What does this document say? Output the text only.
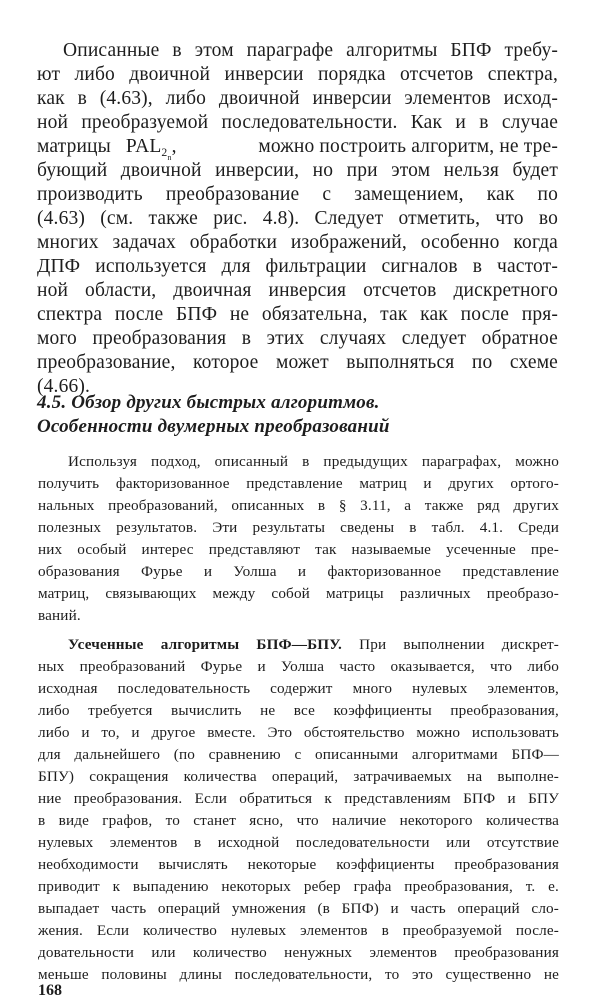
Описанные в этом параграфе алгоритмы БПФ требу-
ют либо двоичной инверсии порядка отсчетов спектра,
как в (4.63), либо двоичной инверсии элементов исход-
ной преобразуемой последовательности. Как и в случае
матрицы $PAL_{2_n}$,	можно построить алгоритм, не тре-
бующий двоичной инверсии, но при этом нельзя будет
производить преобразование с замещением, как по
(4.63) (см. также рис. 4.8). Следует отметить, что во
многих задачах обработки изображений, особенно когда
ДПФ используется для фильтрации сигналов в частот-
ной области, двоичная инверсия отсчетов дискретного
спектра после БПФ не обязательна, так как после пря-
мого преобразования в этих случаях следует обратное
преобразование, которое может выполняться по схеме
(4.66).
4.5. Обзор других быстрых алгоритмов.
Особенности двумерных преобразований
Используя подход, описанный в предыдущих параграфах, можно
получить факторизованное представление матриц и других ортого-
нальных преобразований, описанных в § 3.11, а также ряд других
полезных результатов. Эти результаты сведены в табл. 4.1. Среди
них особый интерес представляют так называемые усеченные пре-
образования Фурье и Уолша и факторизованное представление
матриц, связывающих между собой матрицы различных преобразо-
ваний.
Усеченные алгоритмы БПФ—БПУ. При выполнении дискрет-
ных преобразований Фурье и Уолша часто оказывается, что либо
исходная последовательность содержит много нулевых элементов,
либо требуется вычислить не все коэффициенты преобразования,
либо и то, и другое вместе. Это обстоятельство можно использовать
для дальнейшего (по сравнению с описанными алгоритмами БПФ—
БПУ) сокращения количества операций, затрачиваемых на выполне-
ние преобразования. Если обратиться к представлениям БПФ и БПУ
в виде графов, то станет ясно, что наличие некоторого количества
нулевых элементов в исходной последовательности или отсутствие
необходимости вычислять некоторые коэффициенты преобразования
приводит к выпадению некоторых ребер графа преобразования, т. е.
выпадает часть операций умножения (в БПФ) и часть операций сло-
жения. Если количество нулевых элементов в преобразуемой после-
довательности или количество ненужных элементов преобразования
меньше половины длины последовательности, то это существенно не
168
